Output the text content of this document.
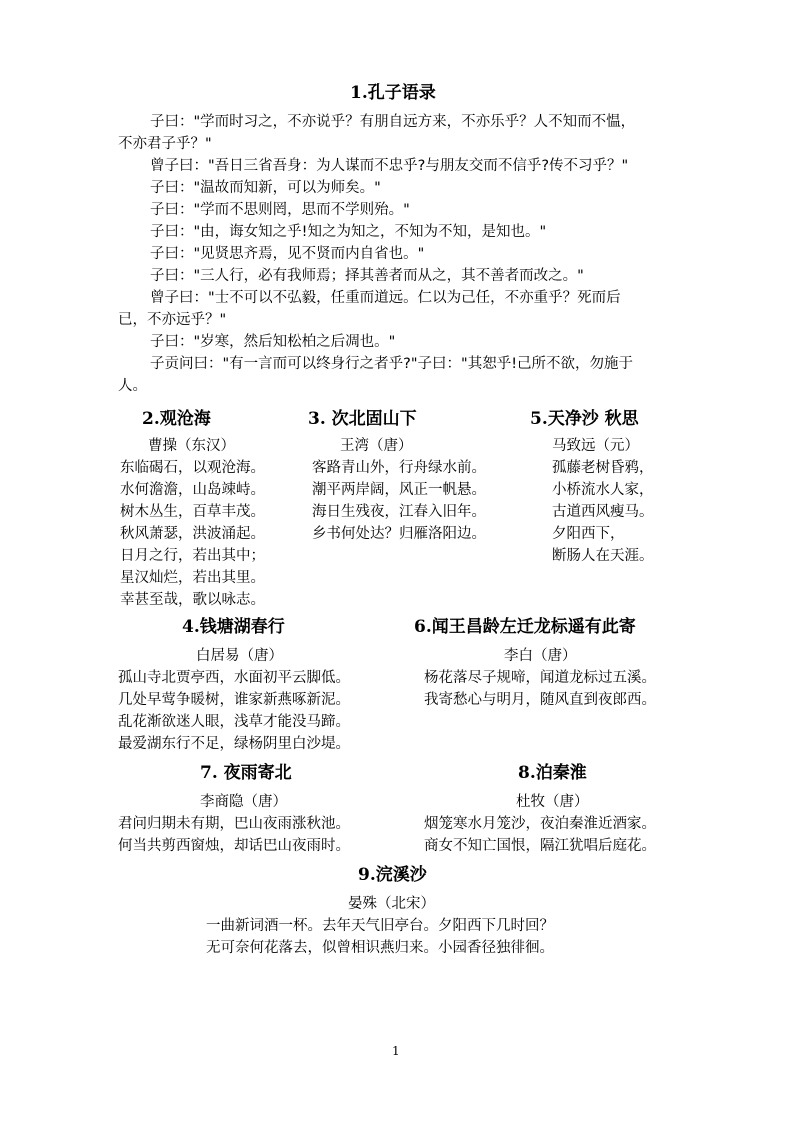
1.孔子语录
子曰："学而时习之，不亦说乎？有朋自远方来，不亦乐乎？人不知而不愠，
不亦君子乎？"
曾子曰："吾日三省吾身：为人谋而不忠乎?与朋友交而不信乎?传不习乎？"
子曰："温故而知新，可以为师矣。"
子曰："学而不思则罔，思而不学则殆。"
子曰："由，诲女知之乎!知之为知之，不知为不知，是知也。"
子曰："见贤思齐焉，见不贤而内自省也。"
子曰："三人行，必有我师焉；择其善者而从之，其不善者而改之。"
曾子曰："士不可以不弘毅，任重而道远。仁以为己任，不亦重乎？死而后
已，不亦远乎？"
子曰："岁寒，然后知松柏之后凋也。"
子贡问曰："有一言而可以终身行之者乎?"子曰："其恕乎!己所不欲，勿施于
人。
2.观沧海
曹操（东汉）
东临碣石，以观沧海。
水何澹澹，山岛竦峙。
树木丛生，百草丰茂。
秋风萧瑟，洪波涌起。
日月之行，若出其中；
星汉灿烂，若出其里。
幸甚至哉，歌以咏志。
3. 次北固山下
王湾（唐）
客路青山外，行舟绿水前。
潮平两岸阔，风正一帆悬。
海日生残夜，江春入旧年。
乡书何处达？归雁洛阳边。
5.天净沙 秋思
马致远（元）
孤藤老树昏鸦，
小桥流水人家，
古道西风瘦马。
夕阳西下，
断肠人在天涯。
4.钱塘湖春行
白居易（唐）
孤山寺北贾亭西，水面初平云脚低。
几处早莺争暖树，谁家新燕啄新泥。
乱花渐欲迷人眼，浅草才能没马蹄。
最爱湖东行不足，绿杨阴里白沙堤。
6.闻王昌龄左迁龙标遥有此寄
李白（唐）
杨花落尽子规啼，闻道龙标过五溪。
我寄愁心与明月，随风直到夜郎西。
7. 夜雨寄北
李商隐（唐）
君问归期未有期，巴山夜雨涨秋池。
何当共剪西窗烛，却话巴山夜雨时。
8.泊秦淮
杜牧（唐）
烟笼寒水月笼沙，夜泊秦淮近酒家。
商女不知亡国恨，隔江犹唱后庭花。
9.浣溪沙
晏殊（北宋）
一曲新词酒一杯。去年天气旧亭台。夕阳西下几时回？
无可奈何花落去，似曾相识燕归来。小园香径独徘徊。
1
